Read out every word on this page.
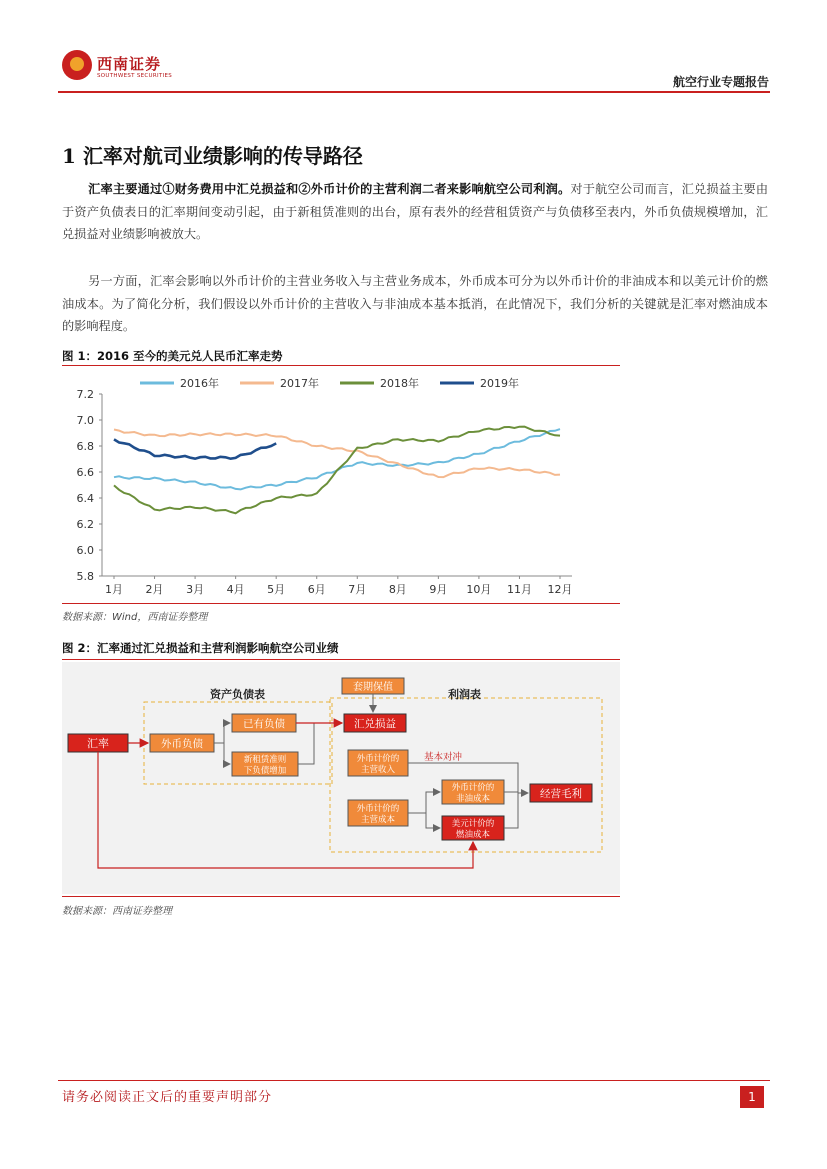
西南证券
SOUTHWEST SECURITIES	航空行业专题报告
1 汇率对航司业绩影响的传导路径
汇率主要通过①财务费用中汇兑损益和②外币计价的主营利润二者来影响航空公司利润。对于航空公司而言，汇兑损益主要由于资产负债表日的汇率期间变动引起，由于新租赁准则的出台，原有表外的经营租赁资产与负债移至表内，外币负债规模增加，汇兑损益对业绩影响被放大。
另一方面，汇率会影响以外币计价的主营业务收入与主营业务成本，外币成本可分为以外币计价的非油成本和以美元计价的燃油成本。为了简化分析，我们假设以外币计价的主营收入与非油成本基本抵消，在此情况下，我们分析的关键就是汇率对燃油成本的影响程度。
图 1：2016 至今的美元兑人民币汇率走势
7.2
7.0
6.8
6.6
6.4
6.2
6.0
5.8
1月 2月 3月 4月 5月 6月 7月 8月 9月 10月 11月 12月
2016年	2017年	2018年	2019年
数据来源：Wind，西南证券整理
图 2：汇率通过汇兑损益和主营利润影响航空公司业绩
资产负债表	利润表
汇率	外币负债
已有负债
新租赁准则
下负债增加
套期保值
汇兑损益
外币计价的
主营收入
基本对冲
外币计价的
主营成本
外币计价的
非油成本
美元计价的
燃油成本
经营毛利
数据来源：西南证券整理
请务必阅读正文后的重要声明部分	1
